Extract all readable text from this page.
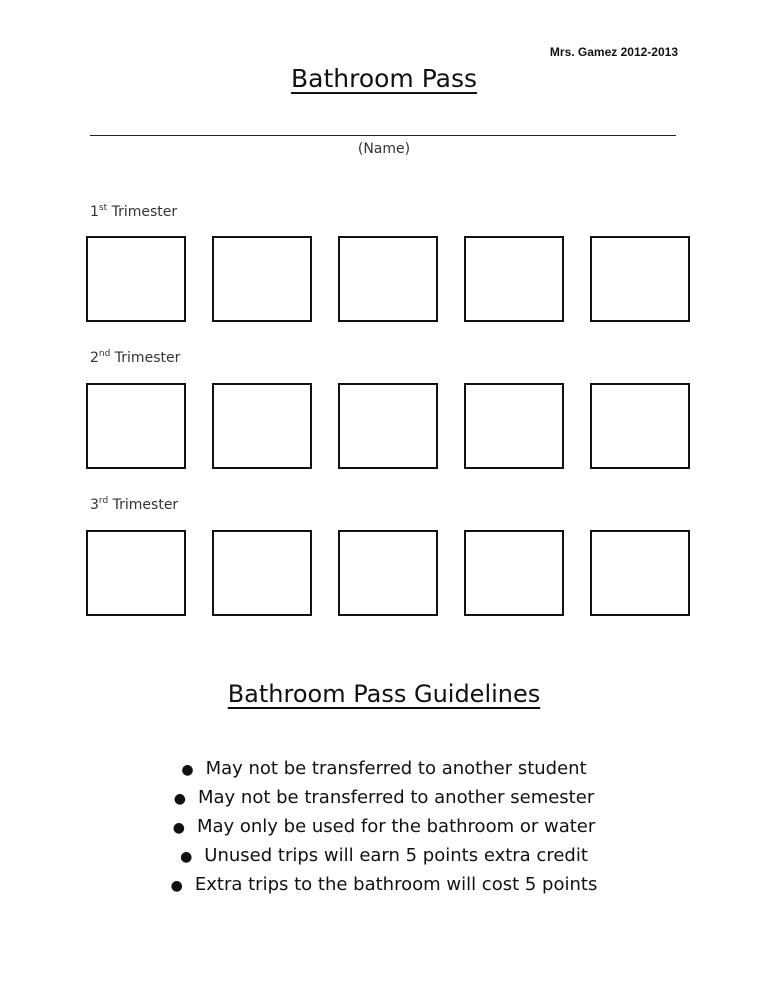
Mrs. Gamez 2012-2013
Bathroom Pass
(Name)
1st Trimester
2nd Trimester
3rd Trimester
Bathroom Pass Guidelines
● May not be transferred to another student
● May not be transferred to another semester
● May only be used for the bathroom or water
● Unused trips will earn 5 points extra credit
● Extra trips to the bathroom will cost 5 points
